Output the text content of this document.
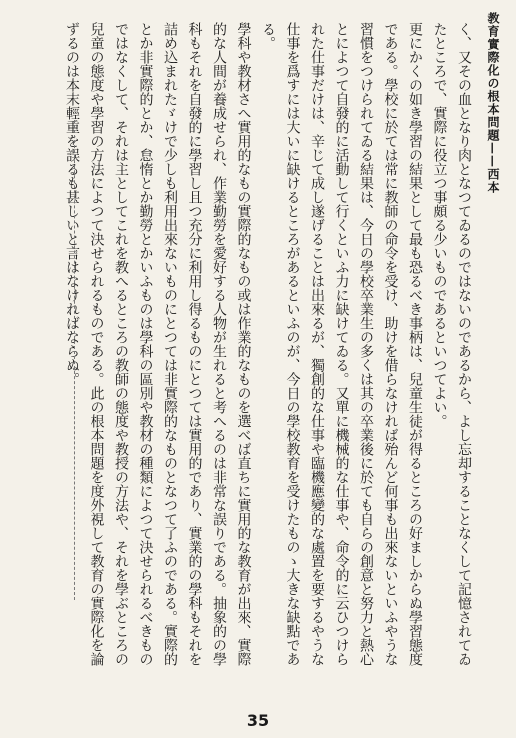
教育實際化の根本問題——西本
く、又その血となり肉となつてゐるのではないのであるから、よし忘却することなくして記憶されてゐたところで、實際に役立つ事頗る少いものであるといつてよい。
更にかくの如き學習の結果として最も恐るべき事柄は、兒童生徒が得るところの好ましからぬ學習態度である。學校に於ては常に教師の命令を受け、助けを借らなければ殆んど何事も出來ないといふやうな習慣をつけられてゐる結果は、今日の學校卒業生の多くは其の卒業後に於ても自らの創意と努力と熱心とによつて自發的に活動して行くといふ力に缺けてゐる。又單に機械的な仕事や、命令的に云ひつけられた仕事だけは、辛じて成し遂げることは出來るが、獨創的な仕事や臨機應變的な處置を要するやうな仕事を爲すには大いに缺けるところがあるといふのが、今日の學校教育を受けたものゝ大きな缺點である。
學科や教材さへ實用的なもの實際的なもの或は作業的なものを選べば直ちに實用的な教育が出來、實際的な人間が養成せられ、作業勤勞を愛好する人物が生れると考へるのは非常な誤りである。抽象的の學科もそれを自發的に學習し且つ充分に利用し得るものにとつては實用的であり、實業的の學科もそれを詰め込まれたゞけで少しも利用出來ないものにとつては非實際的なものとなつて了ふのである。實際的とか非實際的とか、怠惰とか勤勞とかいふものは學科の區別や教材の種類によつて決せられるべきものではなくして、それは主としてこれを教へるところの教師の態度や教授の方法や、それを學ぶところの兒童の態度や學習の方法によつて決せられるものである。此の根本問題を度外視して教育の實際化を論ずるのは本末輕重を誤るも甚しいと言はなければならぬ。
35
